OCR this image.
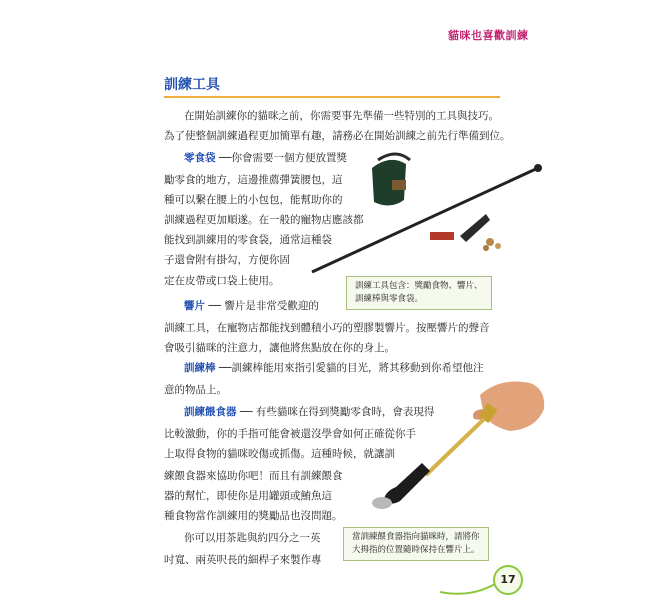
貓咪也喜歡訓練
訓練工具
在開始訓練你的貓咪之前，你需要事先準備一些特別的工具與技巧。
為了使整個訓練過程更加簡單有趣，請務必在開始訓練之前先行準備到位。
零食袋 ──你會需要一個方便放置獎
勵零食的地方，這邊推薦彈簧腰包，這
種可以繫在腰上的小包包，能幫助你的
訓練過程更加順遂。在一般的寵物店應該都
能找到訓練用的零食袋，通常這種袋
子還會附有掛勾，方便你固
定在皮帶或口袋上使用。	訓練工具包含：獎勵食物、響片、
訓練棒與零食袋。
響片 ── 響片是非常受歡迎的
訓練工具，在寵物店都能找到體積小巧的塑膠製響片。按壓響片的聲音
會吸引貓咪的注意力，讓他將焦點放在你的身上。
訓練棒 ──訓練棒能用來指引愛貓的目光，將其移動到你希望他注
意的物品上。
訓練餵食器 ── 有些貓咪在得到獎勵零食時，會表現得
比較激動，你的手指可能會被還沒學會如何正確從你手
上取得食物的貓咪咬傷或抓傷。這種時候，就讓訓
練餵食器來協助你吧！而且有訓練餵食
器的幫忙，即使你是用罐頭或鮪魚這
種食物當作訓練用的獎勵品也沒問題。
當訓練餵食器指向貓咪時，請將你
大拇指的位置隨時保持在響片上。
你可以用茶匙與約四分之一英
吋寬、兩英呎長的細桿子來製作專
17
